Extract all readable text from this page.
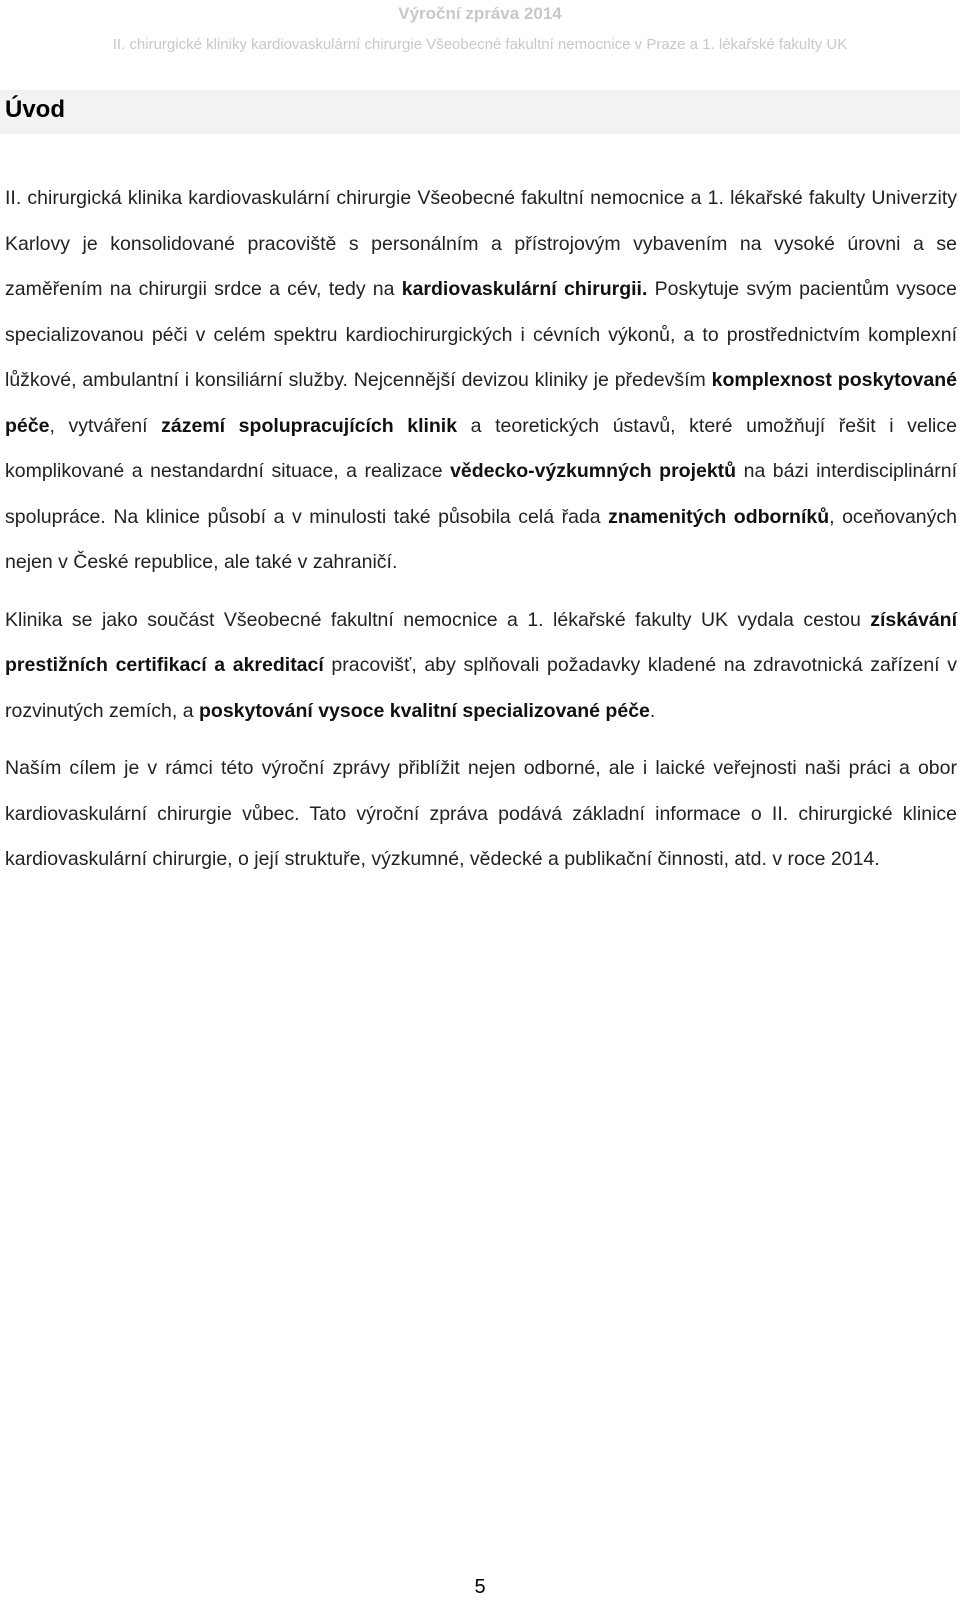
Výroční zpráva 2014
II. chirurgické kliniky kardiovaskulární chirurgie Všeobecné fakultní nemocnice v Praze a 1. lékařské fakulty UK
Úvod

II. chirurgická klinika kardiovaskulární chirurgie Všeobecné fakultní nemocnice a 1. lékařské fakulty Univerzity Karlovy je konsolidované pracoviště s personálním a přístrojovým vybavením na vysoké úrovni a se zaměřením na chirurgii srdce a cév, tedy na kardiovaskulární chirurgii. Poskytuje svým pacientům vysoce specializovanou péči v celém spektru kardiochirurgických i cévních výkonů, a to prostřednictvím komplexní lůžkové, ambulantní i konsiliární služby. Nejcennější devizou kliniky je především komplexnost poskytované péče, vytváření zázemí spolupracujících klinik a teoretických ústavů, které umožňují řešit i velice komplikované a nestandardní situace, a realizace vědecko-výzkumných projektů na bázi interdisciplinární spolupráce. Na klinice působí a v minulosti také působila celá řada znamenitých odborníků, oceňovaných nejen v České republice, ale také v zahraničí.

Klinika se jako součást Všeobecné fakultní nemocnice a 1. lékařské fakulty UK vydala cestou získávání prestižních certifikací a akreditací pracovišť, aby splňovali požadavky kladené na zdravotnická zařízení v rozvinutých zemích, a poskytování vysoce kvalitní specializované péče.

Naším cílem je v rámci této výroční zprávy přiblížit nejen odborné, ale i laické veřejnosti naši práci a obor kardiovaskulární chirurgie vůbec. Tato výroční zpráva podává základní informace o II. chirurgické klinice kardiovaskulární chirurgie, o její struktuře, výzkumné, vědecké a publikační činnosti, atd. v roce 2014.

5
